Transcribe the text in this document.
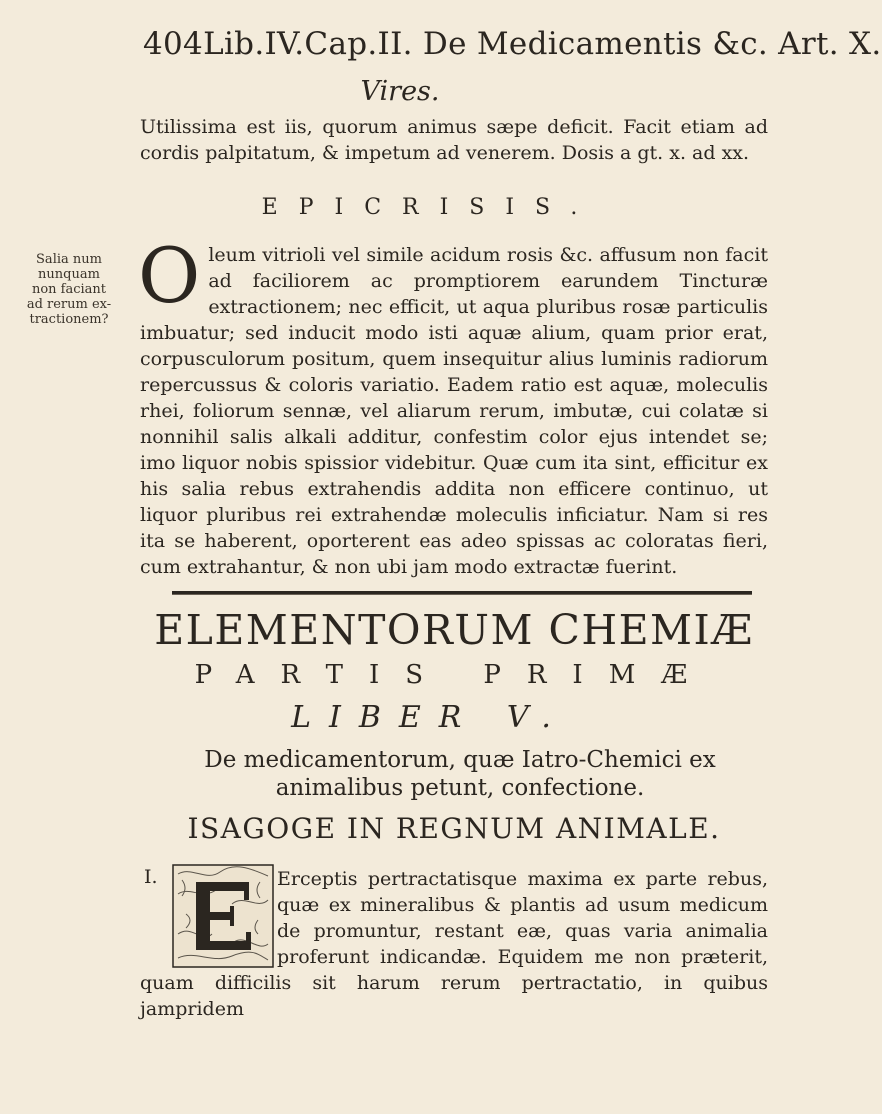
404Lib.IV.Cap.II. De Medicamentis &c. Art. X.
Vires.

Utilissima est iis, quorum animus sæpe deficit. Facit etiam ad cordis palpitatum, & impetum ad venerem. Dosis a gt. x. ad xx.

EPICRISIS.
Salia num
nunquam
non faciant
ad rerum ex-
tractionem? O leum vitrioli vel simile acidum rosis &c. affusum non facit ad faciliorem ac promptiorem earundem Tincturæ extractionem; nec efficit, ut aqua pluribus rosæ particulis imbuatur; sed inducit modo isti aquæ alium, quam prior erat, corpusculorum positum, quem insequitur alius luminis radiorum repercussus & coloris variatio. Eadem ratio est aquæ, moleculis rhei, foliorum sennæ, vel aliarum rerum, imbutæ, cui colatæ si nonnihil salis alkali additur, confestim color ejus intendet se; imo liquor nobis spissior videbitur. Quæ cum ita sint, efficitur ex his salia rebus extrahendis addita non efficere continuo, ut liquor pluribus rei extrahendæ moleculis inficiatur. Nam si res ita se haberent, oporterent eas adeo spissas ac coloratas fieri, cum extrahantur, & non ubi jam modo extractæ fuerint.
ELEMENTORUM CHEMIÆ
PARTIS PRIMÆ
LIBER V.
De medicamentorum, quæ Iatro-Chemici ex
animalibus petunt, confectione.
ISAGOGE IN REGNUM ANIMALE.
I.	Erceptis pertractatisque maxima ex parte rebus, quæ ex mineralibus & plantis ad usum medicum de promuntur, restant eæ, quas varia animalia proferunt indicandæ. Equidem me non præterit, quam difficilis sit harum rerum pertractatio, in quibus jampridem
